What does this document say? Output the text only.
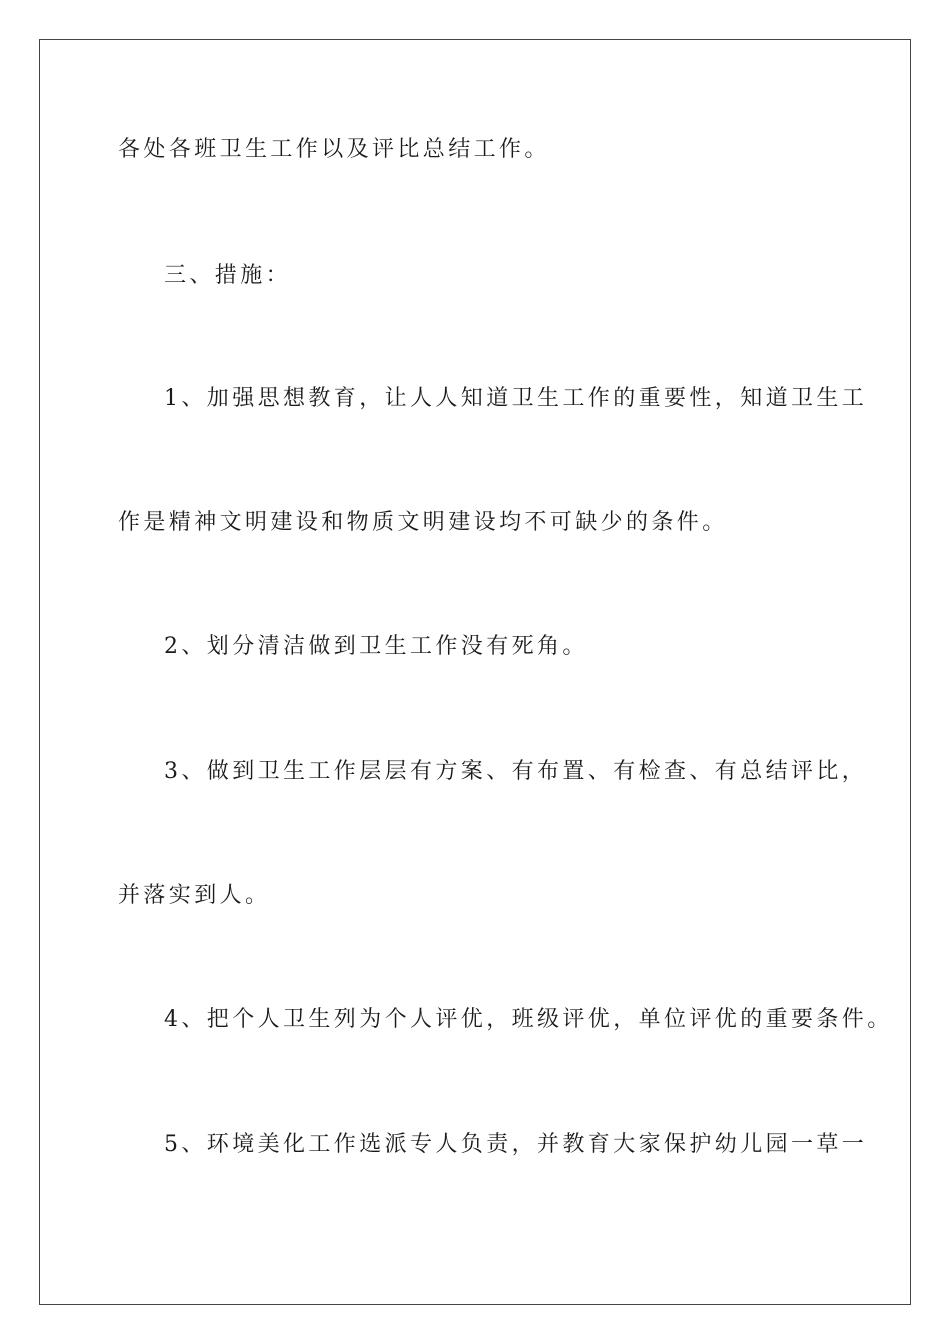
各处各班卫生工作以及评比总结工作。
三、措施：
1、加强思想教育，让人人知道卫生工作的重要性，知道卫生工
作是精神文明建设和物质文明建设均不可缺少的条件。
2、划分清洁做到卫生工作没有死角。
3、做到卫生工作层层有方案、有布置、有检查、有总结评比，
并落实到人。
4、把个人卫生列为个人评优，班级评优，单位评优的重要条件。
5、环境美化工作选派专人负责，并教育大家保护幼儿园一草一
